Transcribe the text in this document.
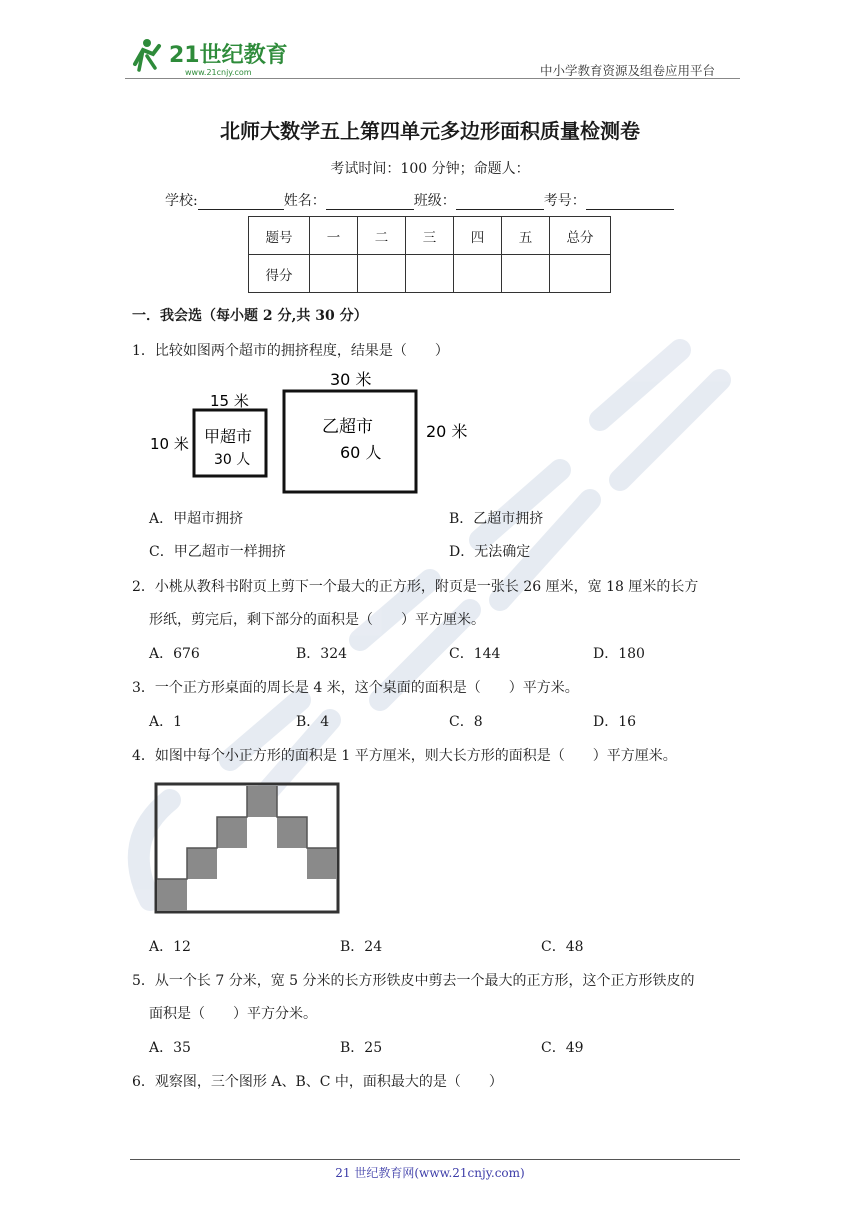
21世纪教育
www.21cnjy.com	中小学教育资源及组卷应用平台
北师大数学五上第四单元多边形面积质量检测卷
考试时间：100 分钟；命题人：
学校:	姓名：	班级：	考号：
题号	一	二	三	四	五	总分
得分						
一．我会选（每小题 2 分,共 30 分）
1．比较如图两个超市的拥挤程度，结果是（　　）
15 米
10 米 甲超市
30 人
30 米
乙超市
60 人
20 米
A．甲超市拥挤	B．乙超市拥挤
C．甲乙超市一样拥挤	D．无法确定
2．小桃从教科书附页上剪下一个最大的正方形，附页是一张长 26 厘米，宽 18 厘米的长方
形纸，剪完后，剩下部分的面积是（　　）平方厘米。
A．676	B．324	C．144	D．180
3．一个正方形桌面的周长是 4 米，这个桌面的面积是（　　）平方米。
A．1	B．4	C．8	D．16
4．如图中每个小正方形的面积是 1 平方厘米，则大长方形的面积是（　　）平方厘米。
A．12	B．24	C．48
5．从一个长 7 分米，宽 5 分米的长方形铁皮中剪去一个最大的正方形，这个正方形铁皮的
面积是（　　）平方分米。
A．35	B．25	C．49
6．观察图，三个图形 A、B、C 中，面积最大的是（　　）
21 世纪教育网(www.21cnjy.com)
